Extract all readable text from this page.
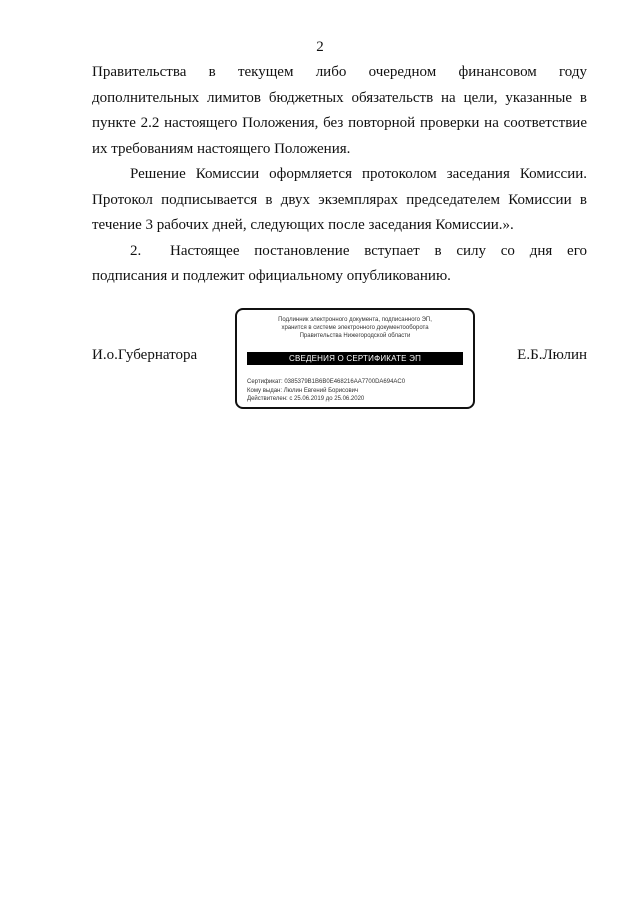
2

Правительства в текущем либо очередном финансовом году
дополнительных лимитов бюджетных обязательств на цели, указанные в
пункте 2.2 настоящего Положения, без повторной проверки на соответствие
их требованиям настоящего Положения.

Решение Комиссии оформляется протоколом заседания Комиссии.
Протокол подписывается в двух экземплярах председателем Комиссии в
течение 3 рабочих дней, следующих после заседания Комиссии.».

2.	Настоящее постановление вступает в силу со дня его
подписания и подлежит официальному опубликованию.

И.о.Губернатора	Е.Б.Люлин
Подлинник электронного документа, подписанного ЭП,
хранится в системе электронного документооборота
Правительства Нижегородской области
СВЕДЕНИЯ О СЕРТИФИКАТЕ ЭП
Сертификат: 0385379B1B6B0E468216AA7700DA694AC0
Кому выдан: Люлин Евгений Борисович
Действителен: с 25.06.2019 до 25.06.2020
